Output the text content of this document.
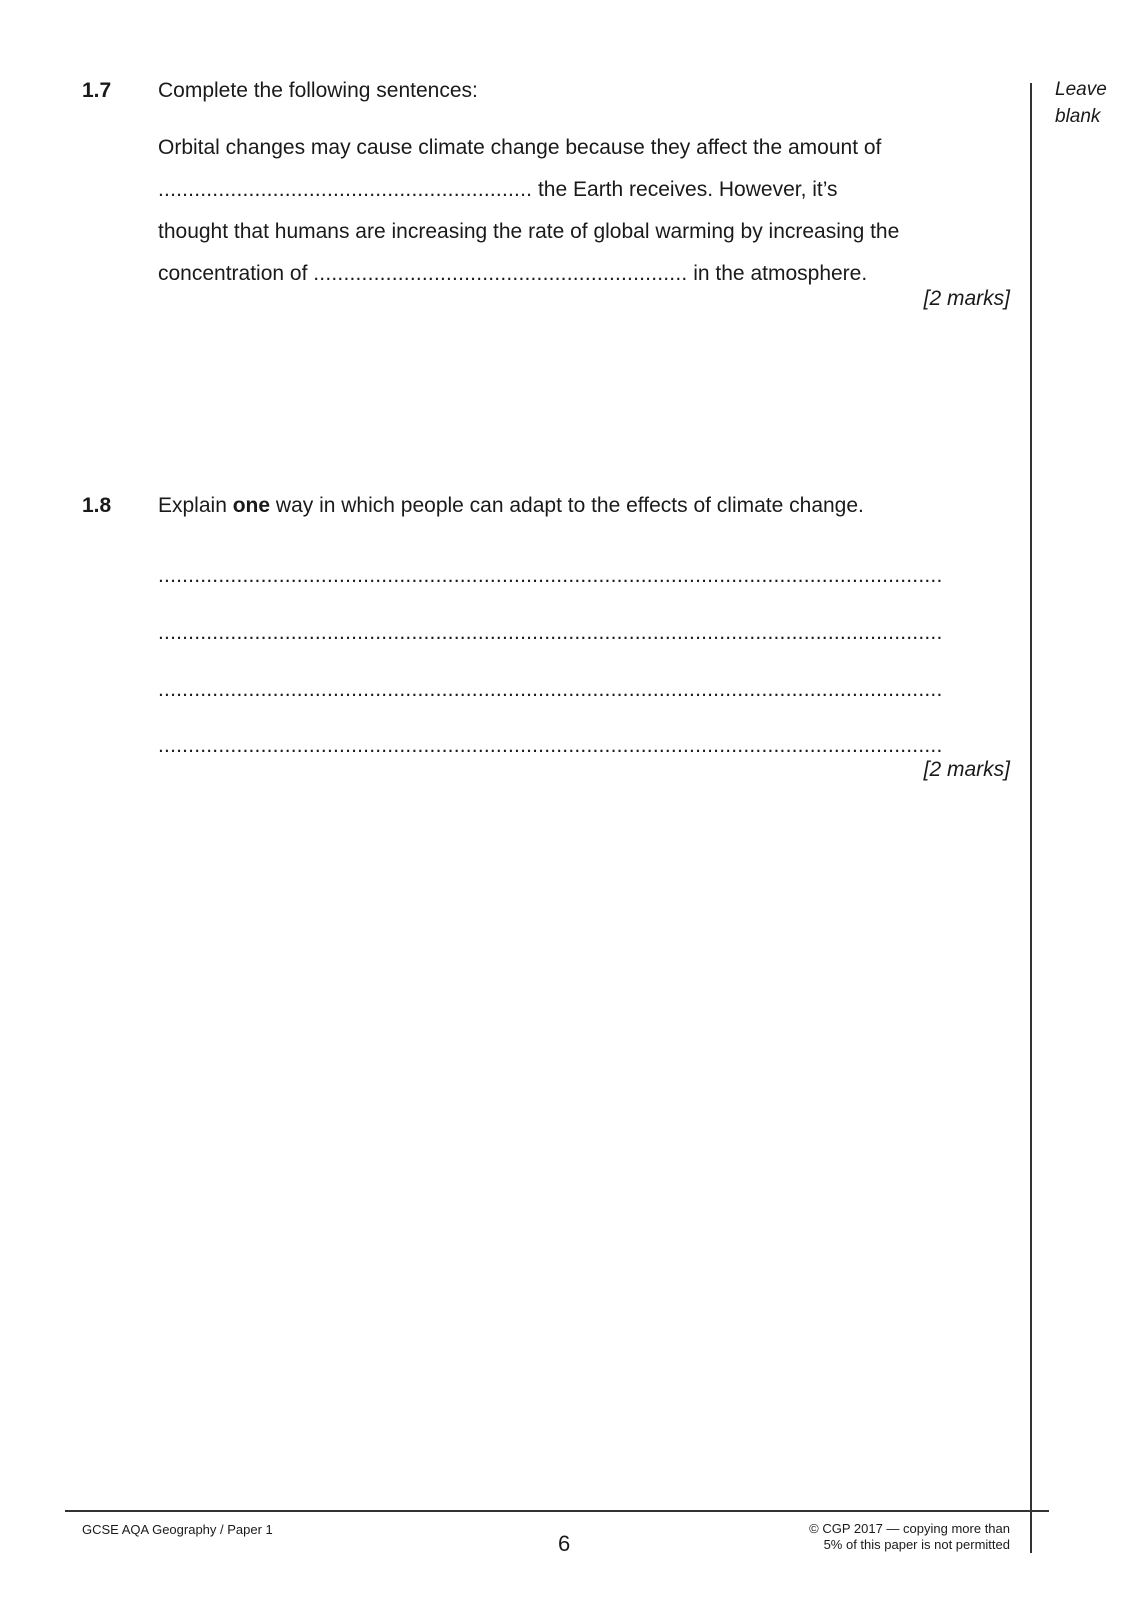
Leave
blank
1.7 Complete the following sentences:
Orbital changes may cause climate change because they affect the amount of
.............................................................. the Earth receives. However, it’s
thought that humans are increasing the rate of global warming by increasing the
concentration of .............................................................. in the atmosphere.
[2 marks]
1.8 Explain one way in which people can adapt to the effects of climate change.
..................................................................................................................................
..................................................................................................................................
..................................................................................................................................
..................................................................................................................................
[2 marks]
GCSE AQA Geography / Paper 1
6
© CGP 2017 — copying more than
5% of this paper is not permitted
